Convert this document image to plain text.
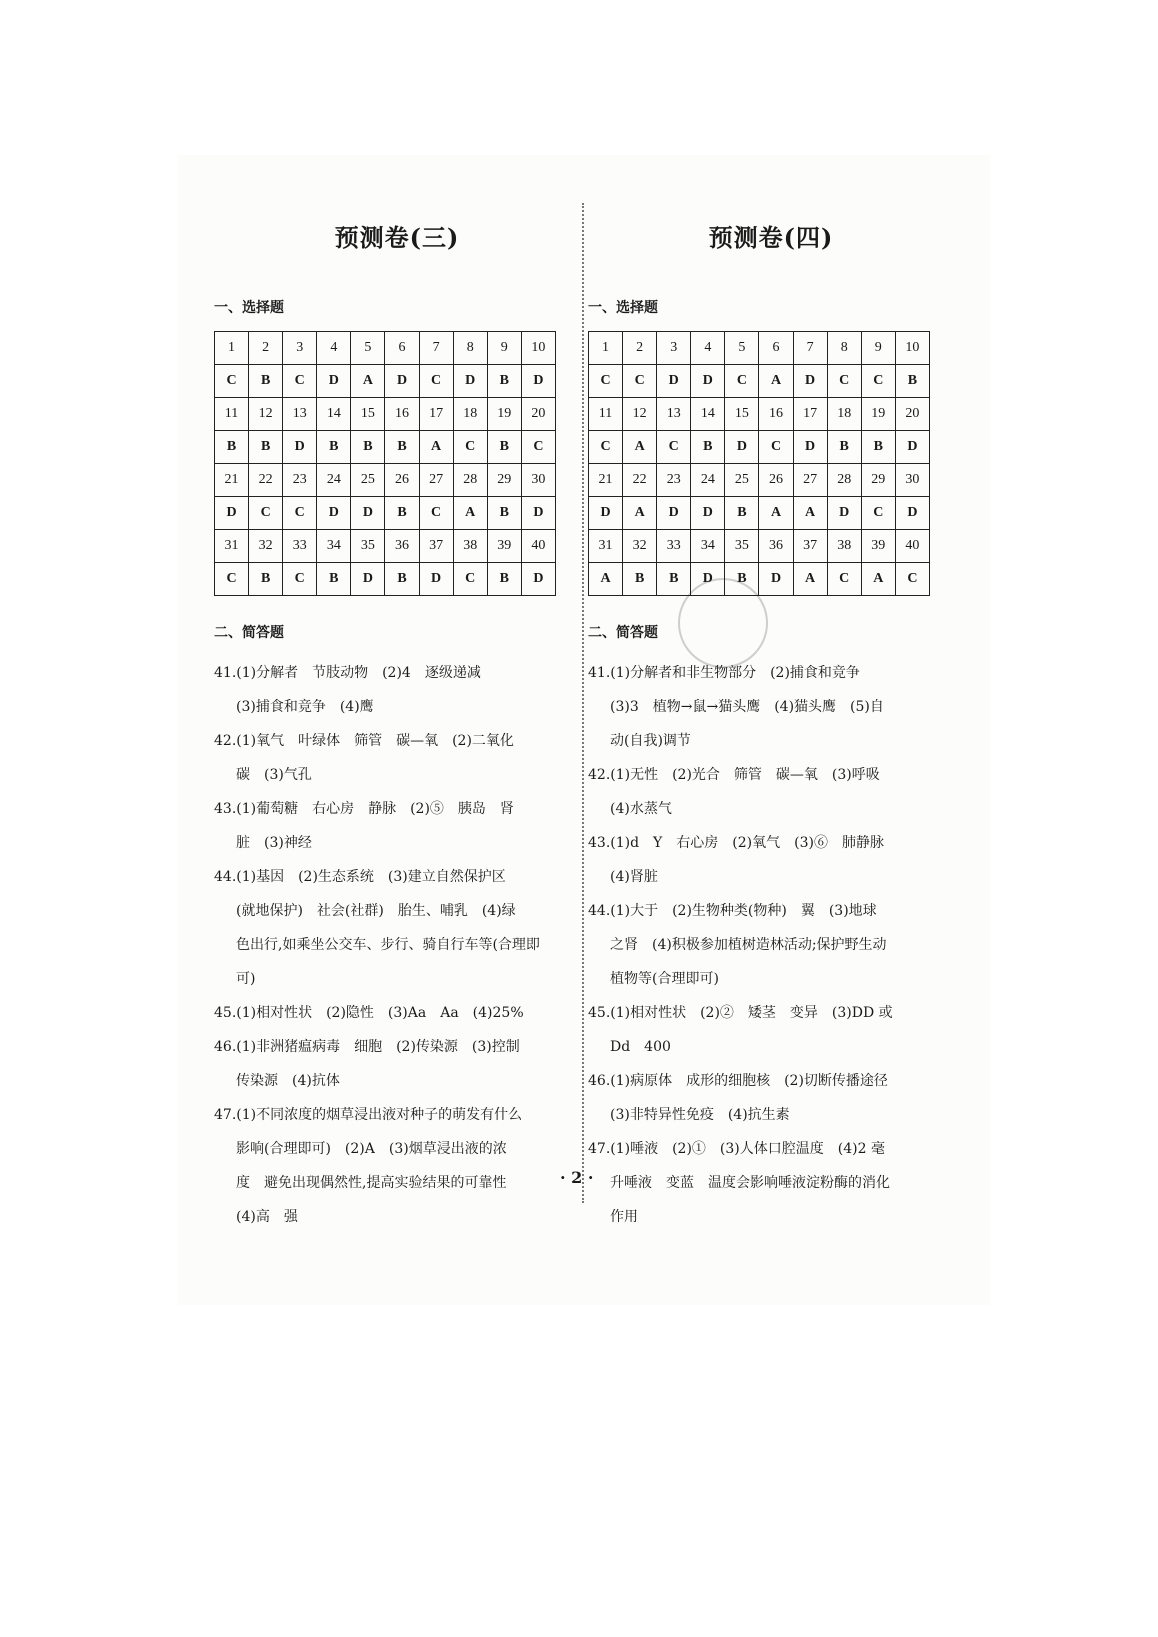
预测卷(三)
一、选择题
1	2	3	4	5	6	7	8	9	10
C	B	C	D	A	D	C	D	B	D
11	12	13	14	15	16	17	18	19	20
B	B	D	B	B	B	A	C	B	C
21	22	23	24	25	26	27	28	29	30
D	C	C	D	D	B	C	A	B	D
31	32	33	34	35	36	37	38	39	40
C	B	C	B	D	B	D	C	B	D
二、简答题
41.(1)分解者　节肢动物　(2)4　逐级递减
(3)捕食和竞争　(4)鹰
42.(1)氧气　叶绿体　筛管　碳—氧　(2)二氧化
碳　(3)气孔
43.(1)葡萄糖　右心房　静脉　(2)⑤　胰岛　肾
脏　(3)神经
44.(1)基因　(2)生态系统　(3)建立自然保护区
(就地保护)　社会(社群)　胎生、哺乳　(4)绿
色出行,如乘坐公交车、步行、骑自行车等(合理即
可)
45.(1)相对性状　(2)隐性　(3)Aa　Aa　(4)25%
46.(1)非洲猪瘟病毒　细胞　(2)传染源　(3)控制
传染源　(4)抗体
47.(1)不同浓度的烟草浸出液对种子的萌发有什么
影响(合理即可)　(2)A　(3)烟草浸出液的浓
度　避免出现偶然性,提高实验结果的可靠性
(4)高　强
预测卷(四)
一、选择题
1	2	3	4	5	6	7	8	9	10
C	C	D	D	C	A	D	C	C	B
11	12	13	14	15	16	17	18	19	20
C	A	C	B	D	C	D	B	B	D
21	22	23	24	25	26	27	28	29	30
D	A	D	D	B	A	A	D	C	D
31	32	33	34	35	36	37	38	39	40
A	B	B	D	B	D	A	C	A	C
二、简答题
41.(1)分解者和非生物部分　(2)捕食和竞争
(3)3　植物→鼠→猫头鹰　(4)猫头鹰　(5)自
动(自我)调节
42.(1)无性　(2)光合　筛管　碳—氧　(3)呼吸
(4)水蒸气
43.(1)d　Y　右心房　(2)氧气　(3)⑥　肺静脉
(4)肾脏
44.(1)大于　(2)生物种类(物种)　翼　(3)地球
之肾　(4)积极参加植树造林活动;保护野生动
植物等(合理即可)
45.(1)相对性状　(2)②　矮茎　变异　(3)DD 或
Dd　400
46.(1)病原体　成形的细胞核　(2)切断传播途径
(3)非特异性免疫　(4)抗生素
47.(1)唾液　(2)①　(3)人体口腔温度　(4)2 毫
升唾液　变蓝　温度会影响唾液淀粉酶的消化
作用
· 2 ·
